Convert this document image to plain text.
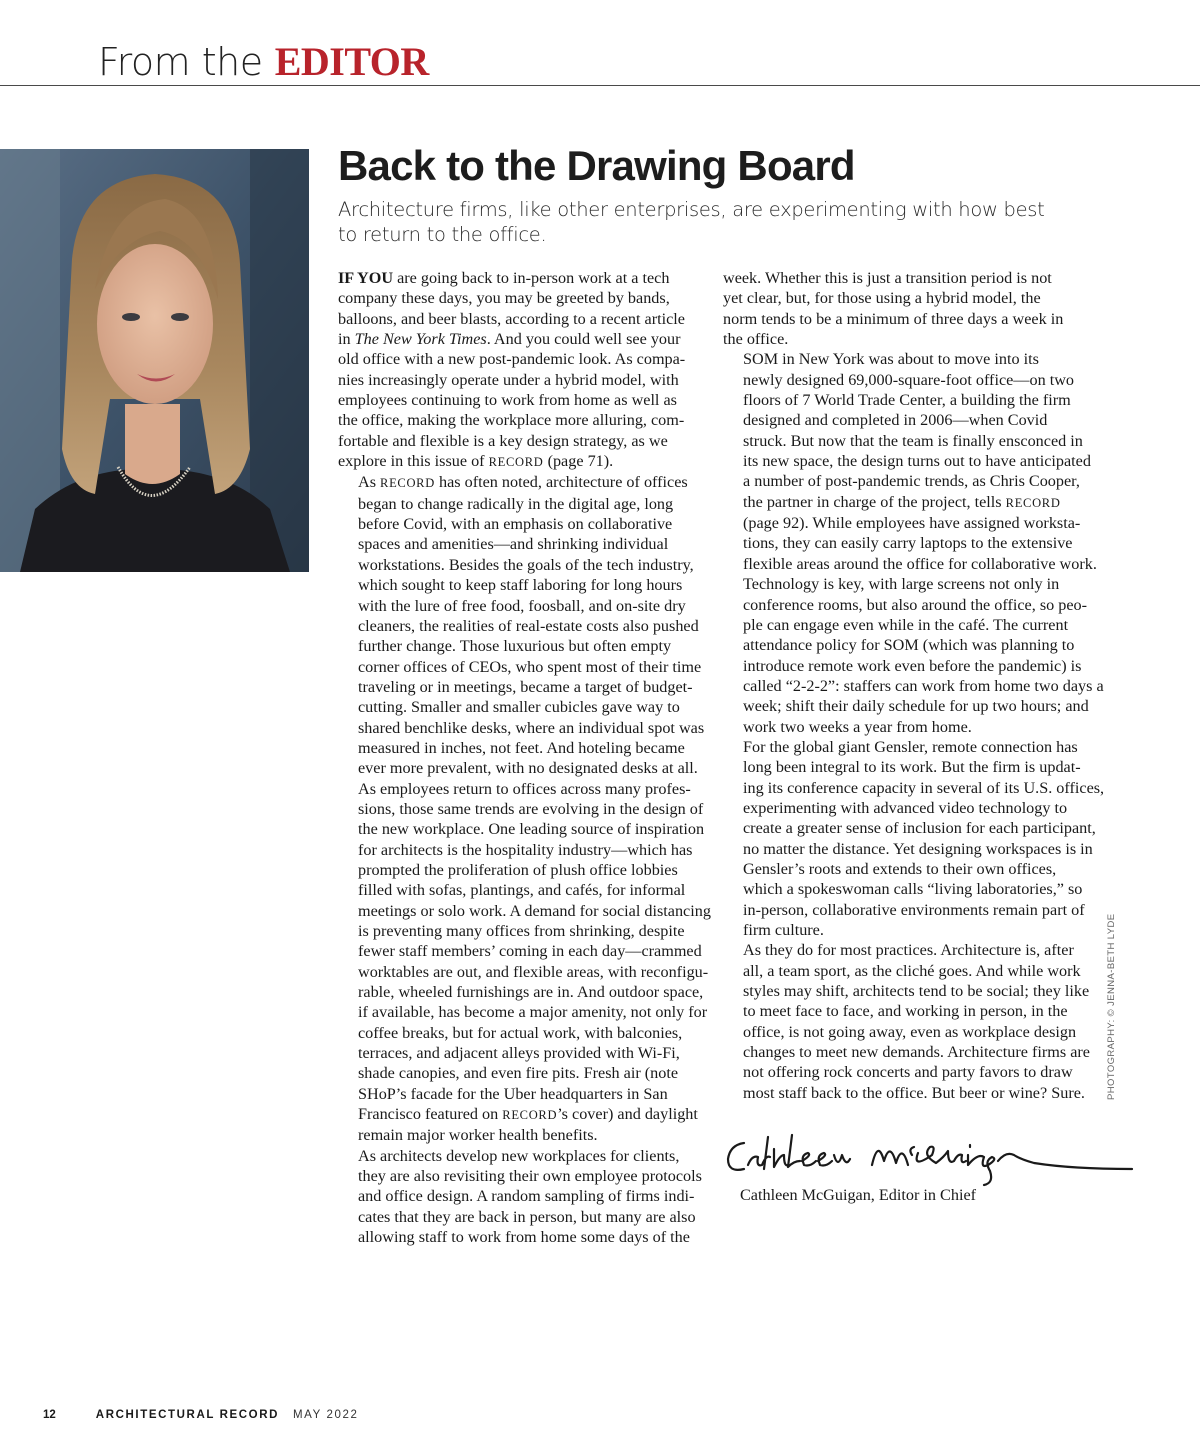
From the EDITOR
Back to the Drawing Board
Architecture firms, like other enterprises, are experimenting with how best to return to the office.

IF YOU are going back to in-person work at a tech
company these days, you may be greeted by bands,
balloons, and beer blasts, according to a recent article
in The New York Times. And you could well see your
old office with a new post-pandemic look. As compa-
nies increasingly operate under a hybrid model, with
employees continuing to work from home as well as
the office, making the workplace more alluring, com-
fortable and flexible is a key design strategy, as we
explore in this issue of RECORD (page 71).

As RECORD has often noted, architecture of offices
began to change radically in the digital age, long
before Covid, with an emphasis on collaborative
spaces and amenities—and shrinking individual
workstations. Besides the goals of the tech industry,
which sought to keep staff laboring for long hours
with the lure of free food, foosball, and on-site dry
cleaners, the realities of real-estate costs also pushed
further change. Those luxurious but often empty
corner offices of CEOs, who spent most of their time
traveling or in meetings, became a target of budget-
cutting. Smaller and smaller cubicles gave way to
shared benchlike desks, where an individual spot was
measured in inches, not feet. And hoteling became
ever more prevalent, with no designated desks at all.

As employees return to offices across many profes-
sions, those same trends are evolving in the design of
the new workplace. One leading source of inspiration
for architects is the hospitality industry—which has
prompted the proliferation of plush office lobbies
filled with sofas, plantings, and cafés, for informal
meetings or solo work. A demand for social distancing
is preventing many offices from shrinking, despite
fewer staff members’ coming in each day—crammed
worktables are out, and flexible areas, with reconfigu-
rable, wheeled furnishings are in. And outdoor space,
if available, has become a major amenity, not only for
coffee breaks, but for actual work, with balconies,
terraces, and adjacent alleys provided with Wi-Fi,
shade canopies, and even fire pits. Fresh air (note
SHoP’s facade for the Uber headquarters in San
Francisco featured on RECORD’s cover) and daylight
remain major worker health benefits.

As architects develop new workplaces for clients,
they are also revisiting their own employee protocols
and office design. A random sampling of firms indi-
cates that they are back in person, but many are also
allowing staff to work from home some days of the

week. Whether this is just a transition period is not
yet clear, but, for those using a hybrid model, the
norm tends to be a minimum of three days a week in
the office.

SOM in New York was about to move into its
newly designed 69,000-square-foot office—on two
floors of 7 World Trade Center, a building the firm
designed and completed in 2006—when Covid
struck. But now that the team is finally ensconced in
its new space, the design turns out to have anticipated
a number of post-pandemic trends, as Chris Cooper,
the partner in charge of the project, tells RECORD
(page 92). While employees have assigned worksta-
tions, they can easily carry laptops to the extensive
flexible areas around the office for collaborative work.
Technology is key, with large screens not only in
conference rooms, but also around the office, so peo-
ple can engage even while in the café. The current
attendance policy for SOM (which was planning to
introduce remote work even before the pandemic) is
called “2-2-2”: staffers can work from home two days a
week; shift their daily schedule for up two hours; and
work two weeks a year from home.

For the global giant Gensler, remote connection has
long been integral to its work. But the firm is updat-
ing its conference capacity in several of its U.S. offices,
experimenting with advanced video technology to
create a greater sense of inclusion for each participant,
no matter the distance. Yet designing workspaces is in
Gensler’s roots and extends to their own offices,
which a spokeswoman calls “living laboratories,” so
in-person, collaborative environments remain part of
firm culture.

As they do for most practices. Architecture is, after
all, a team sport, as the cliché goes. And while work
styles may shift, architects tend to be social; they like
to meet face to face, and working in person, in the
office, is not going away, even as workplace design
changes to meet new demands. Architecture firms are
not offering rock concerts and party favors to draw
most staff back to the office. But beer or wine? Sure.

Cathleen McGuigan, Editor in Chief
PHOTOGRAPHY: © JENNA-BETH LYDE
12	ARCHITECTURAL RECORD MAY 2022
